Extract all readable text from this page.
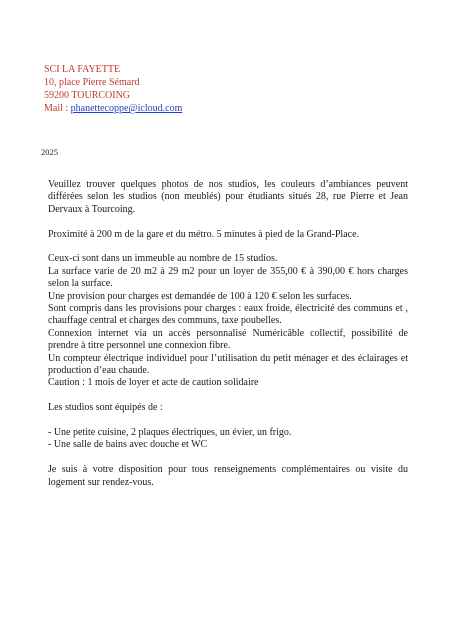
SCI LA FAYETTE
10, place Pierre Sémard
59200 TOURCOING
Mail : phanettecoppe@icloud.com
2025

Veuillez trouver quelques photos de nos studios, les couleurs d’ambiances peuvent différées selon les studios (non meublés) pour étudiants situés 28, rue Pierre et Jean Dervaux à Tourcoing.

Proximité à 200 m de la gare et du métro. 5 minutes à pied de la Grand-Place.

Ceux-ci sont dans un immeuble au nombre de 15 studios.

La surface varie de 20 m2 à 29 m2 pour un loyer de 355,00 € à 390,00 € hors charges selon la surface.

Une provision pour charges est demandée de 100 à 120 € selon les surfaces.

Sont compris dans les provisions pour charges : eaux froide, électricité des communs et , chauffage central et charges des communs, taxe poubelles.

Connexion internet via un accès personnalisé Numéricâble collectif, possibilité de prendre à titre personnel une connexion fibre.

Un compteur électrique individuel pour l’utilisation du petit ménager et des éclairages et production d’eau chaude.

Caution : 1 mois de loyer et acte de caution solidaire

Les studios sont équipés de :

- Une petite cuisine, 2 plaques électriques, un évier, un frigo.

- Une salle de bains avec douche et WC

Je suis à votre disposition pour tous renseignements complémentaires ou visite du logement sur rendez-vous.
